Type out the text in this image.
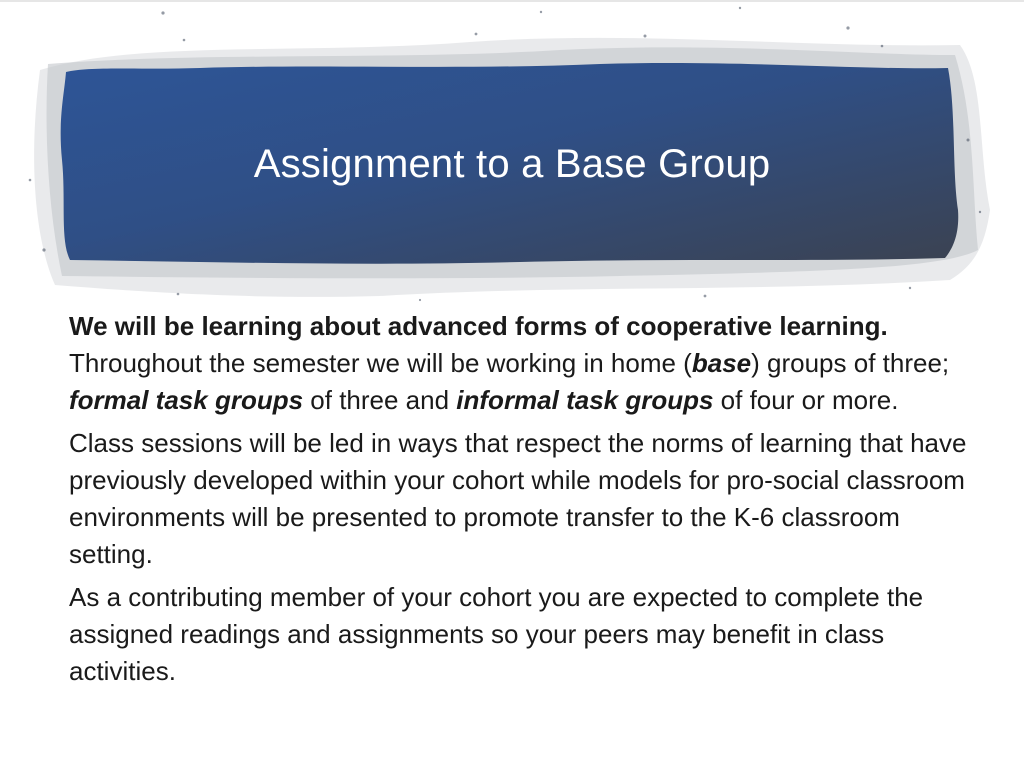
Assignment to a Base Group

We will be learning about advanced forms of cooperative learning. Throughout the semester we will be working in home (base) groups of three; formal task groups of three and informal task groups of four or more.

Class sessions will be led in ways that respect the norms of learning that have previously developed within your cohort while models for pro-social classroom environments will be presented to promote transfer to the K-6 classroom setting.

As a contributing member of your cohort you are expected to complete the assigned readings and assignments so your peers may benefit in class activities.
